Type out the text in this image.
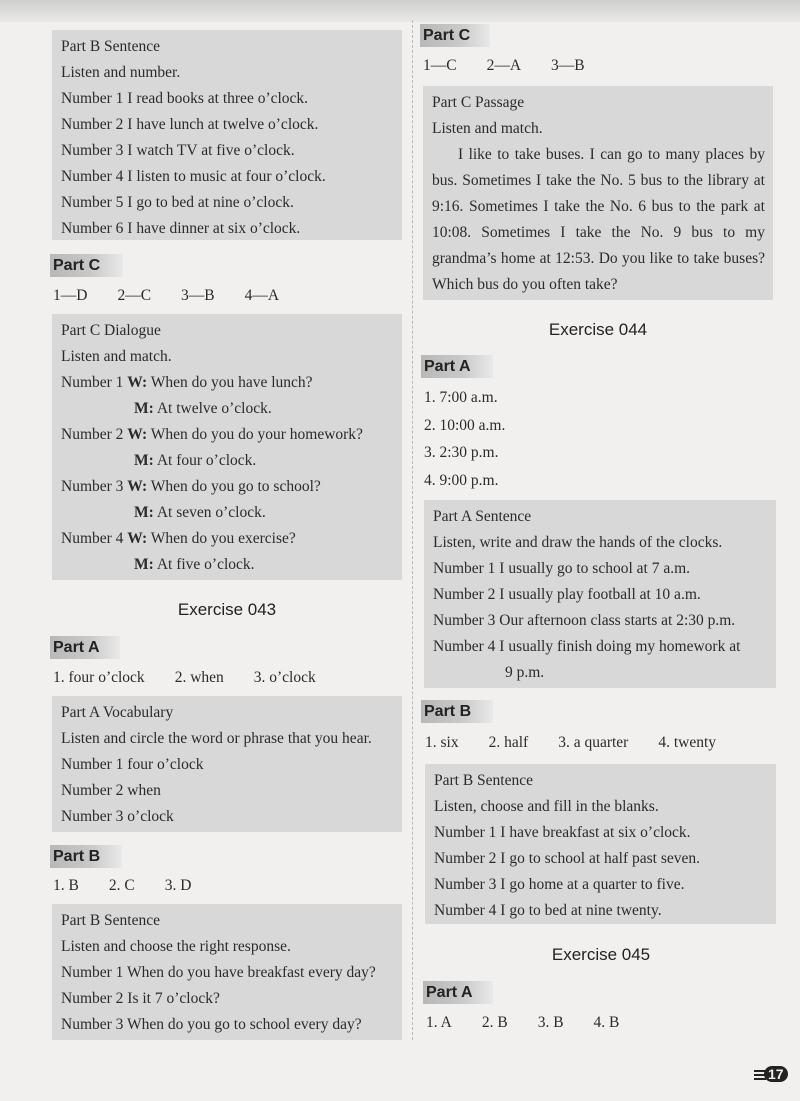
Part B Sentence
Listen and number.
Number 1 I read books at three o’clock.
Number 2 I have lunch at twelve o’clock.
Number 3 I watch TV at five o’clock.
Number 4 I listen to music at four o’clock.
Number 5 I go to bed at nine o’clock.
Number 6 I have dinner at six o’clock.
Part C
1—D 2—C 3—B 4—A
Part C Dialogue
Listen and match.
Number 1 W: When do you have lunch?
M: At twelve o’clock.
Number 2 W: When do you do your homework?
M: At four o’clock.
Number 3 W: When do you go to school?
M: At seven o’clock.
Number 4 W: When do you exercise?
M: At five o’clock.
Exercise 043
Part A
1. four o’clock 2. when 3. o’clock
Part A Vocabulary
Listen and circle the word or phrase that you hear.
Number 1 four o’clock
Number 2 when
Number 3 o’clock
Part B
1. B 2. C 3. D
Part B Sentence
Listen and choose the right response.
Number 1 When do you have breakfast every day?
Number 2 Is it 7 o’clock?
Number 3 When do you go to school every day?
Part C
1—C 2—A 3—B
Part C Passage
Listen and match.
I like to take buses. I can go to many places by bus. Sometimes I take the No. 5 bus to the library at 9:16. Sometimes I take the No. 6 bus to the park at 10:08. Sometimes I take the No. 9 bus to my grandma’s home at 12:53. Do you like to take buses? Which bus do you often take?
Exercise 044
Part A
1. 7:00 a.m.
2. 10:00 a.m.
3. 2:30 p.m.
4. 9:00 p.m.
Part A Sentence
Listen, write and draw the hands of the clocks.
Number 1 I usually go to school at 7 a.m.
Number 2 I usually play football at 10 a.m.
Number 3 Our afternoon class starts at 2:30 p.m.
Number 4 I usually finish doing my homework at
9 p.m.
Part B
1. six 2. half 3. a quarter 4. twenty
Part B Sentence
Listen, choose and fill in the blanks.
Number 1 I have breakfast at six o’clock.
Number 2 I go to school at half past seven.
Number 3 I go home at a quarter to five.
Number 4 I go to bed at nine twenty.
Exercise 045
Part A
1. A 2. B 3. B 4. B
17
